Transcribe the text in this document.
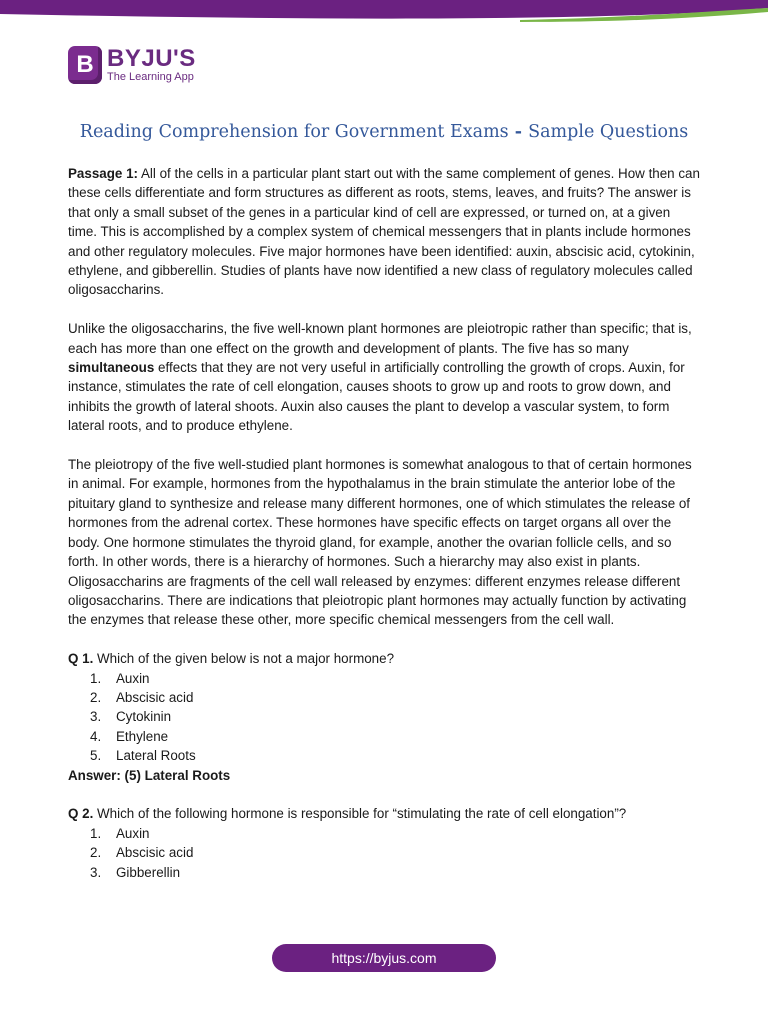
B BYJU'S
The Learning App
Reading Comprehension for Government Exams - Sample Questions

Passage 1: All of the cells in a particular plant start out with the same complement of genes. How then can these cells differentiate and form structures as different as roots, stems, leaves, and fruits? The answer is that only a small subset of the genes in a particular kind of cell are expressed, or turned on, at a given time. This is accomplished by a complex system of chemical messengers that in plants include hormones and other regulatory molecules. Five major hormones have been identified: auxin, abscisic acid, cytokinin, ethylene, and gibberellin. Studies of plants have now identified a new class of regulatory molecules called oligosaccharins.

Unlike the oligosaccharins, the five well-known plant hormones are pleiotropic rather than specific; that is, each has more than one effect on the growth and development of plants. The five has so many simultaneous effects that they are not very useful in artificially controlling the growth of crops. Auxin, for instance, stimulates the rate of cell elongation, causes shoots to grow up and roots to grow down, and inhibits the growth of lateral shoots. Auxin also causes the plant to develop a vascular system, to form lateral roots, and to produce ethylene.

The pleiotropy of the five well-studied plant hormones is somewhat analogous to that of certain hormones in animal. For example, hormones from the hypothalamus in the brain stimulate the anterior lobe of the pituitary gland to synthesize and release many different hormones, one of which stimulates the release of hormones from the adrenal cortex. These hormones have specific effects on target organs all over the body. One hormone stimulates the thyroid gland, for example, another the ovarian follicle cells, and so forth. In other words, there is a hierarchy of hormones. Such a hierarchy may also exist in plants. Oligosaccharins are fragments of the cell wall released by enzymes: different enzymes release different oligosaccharins. There are indications that pleiotropic plant hormones may actually function by activating the enzymes that release these other, more specific chemical messengers from the cell wall.

Q 1. Which of the given below is not a major hormone?
1.	Auxin
2.	Abscisic acid
3.	Cytokinin
4.	Ethylene
5.	Lateral Roots
Answer: (5) Lateral Roots
Q 2. Which of the following hormone is responsible for “stimulating the rate of cell elongation”?
1.	Auxin
2.	Abscisic acid
3.	Gibberellin
https://byjus.com
